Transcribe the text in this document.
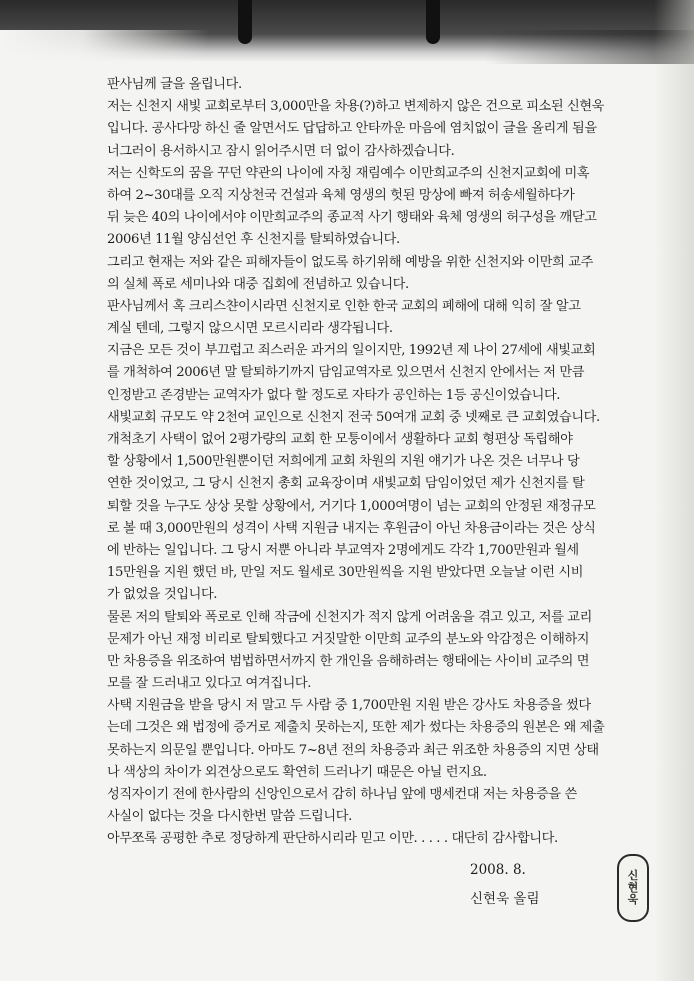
판사님께 글을 올립니다.
저는 신천지 새빛 교회로부터 3,000만을 차용(?)하고 변제하지 않은 건으로 피소된 신현욱
입니다. 공사다망 하신 줄 알면서도 답답하고 안타까운 마음에 염치없이 글을 올리게 됨을
너그러이 용서하시고 잠시 읽어주시면 더 없이 감사하겠습니다.
저는 신학도의 꿈을 꾸던 약관의 나이에 자칭 재림예수 이만희교주의 신천지교회에 미혹
하여 2~30대를 오직 지상천국 건설과 육체 영생의 헛된 망상에 빠져 허송세월하다가
뒤 늦은 40의 나이에서야 이만희교주의 종교적 사기 행태와 육체 영생의 허구성을 깨닫고
2006년 11월 양심선언 후 신천지를 탈퇴하였습니다.
그리고 현재는 저와 같은 피해자들이 없도록 하기위해 예방을 위한 신천지와 이만희 교주
의 실체 폭로 세미나와 대중 집회에 전념하고 있습니다.
판사님께서 혹 크리스챤이시라면 신천지로 인한 한국 교회의 폐해에 대해 익히 잘 알고
계실 텐데, 그렇지 않으시면 모르시리라 생각됩니다.
지금은 모든 것이 부끄럽고 죄스러운 과거의 일이지만, 1992년 제 나이 27세에 새빛교회
를 개척하여 2006년 말 탈퇴하기까지 담임교역자로 있으면서 신천지 안에서는 저 만큼
인정받고 존경받는 교역자가 없다 할 정도로 자타가 공인하는 1등 공신이었습니다.
새빛교회 규모도 약 2천여 교인으로 신천지 전국 50여개 교회 중 넷째로 큰 교회였습니다.
개척초기 사택이 없어 2평가량의 교회 한 모퉁이에서 생활하다 교회 형편상 독립해야
할 상황에서 1,500만원뿐이던 저희에게 교회 차원의 지원 얘기가 나온 것은 너무나 당
연한 것이었고, 그 당시 신천지 총회 교육장이며 새빛교회 담임이었던 제가 신천지를 탈
퇴할 것을 누구도 상상 못할 상황에서, 거기다 1,000여명이 넘는 교회의 안정된 재정규모
로 볼 때 3,000만원의 성격이 사택 지원금 내지는 후원금이 아닌 차용금이라는 것은 상식
에 반하는 일입니다. 그 당시 저뿐 아니라 부교역자 2명에게도 각각 1,700만원과 월세
15만원을 지원 했던 바, 만일 저도 월세로 30만원씩을 지원 받았다면 오늘날 이런 시비
가 없었을 것입니다.
물론 저의 탈퇴와 폭로로 인해 작금에 신천지가 적지 않게 어려움을 겪고 있고, 저를 교리
문제가 아닌 재정 비리로 탈퇴했다고 거짓말한 이만희 교주의 분노와 악감정은 이해하지
만 차용증을 위조하여 범법하면서까지 한 개인을 음해하려는 행태에는 사이비 교주의 면
모를 잘 드러내고 있다고 여겨집니다.
사택 지원금을 받을 당시 저 말고 두 사람 중 1,700만원 지원 받은 강사도 차용증을 썼다
는데 그것은 왜 법정에 증거로 제출치 못하는지, 또한 제가 썼다는 차용증의 원본은 왜 제출
못하는지 의문일 뿐입니다. 아마도 7~8년 전의 차용증과 최근 위조한 차용증의 지면 상태
나 색상의 차이가 외견상으로도 확연히 드러나기 때문은 아닐 런지요.
성직자이기 전에 한사람의 신앙인으로서 감히 하나님 앞에 맹세컨대 저는 차용증을 쓴
사실이 없다는 것을 다시한번 말씀 드립니다.
아무쪼록 공평한 추로 정당하게 판단하시리라 믿고 이만. . . . . 대단히 감사합니다.
2008. 8.
신현욱 올림
신
현
욱
